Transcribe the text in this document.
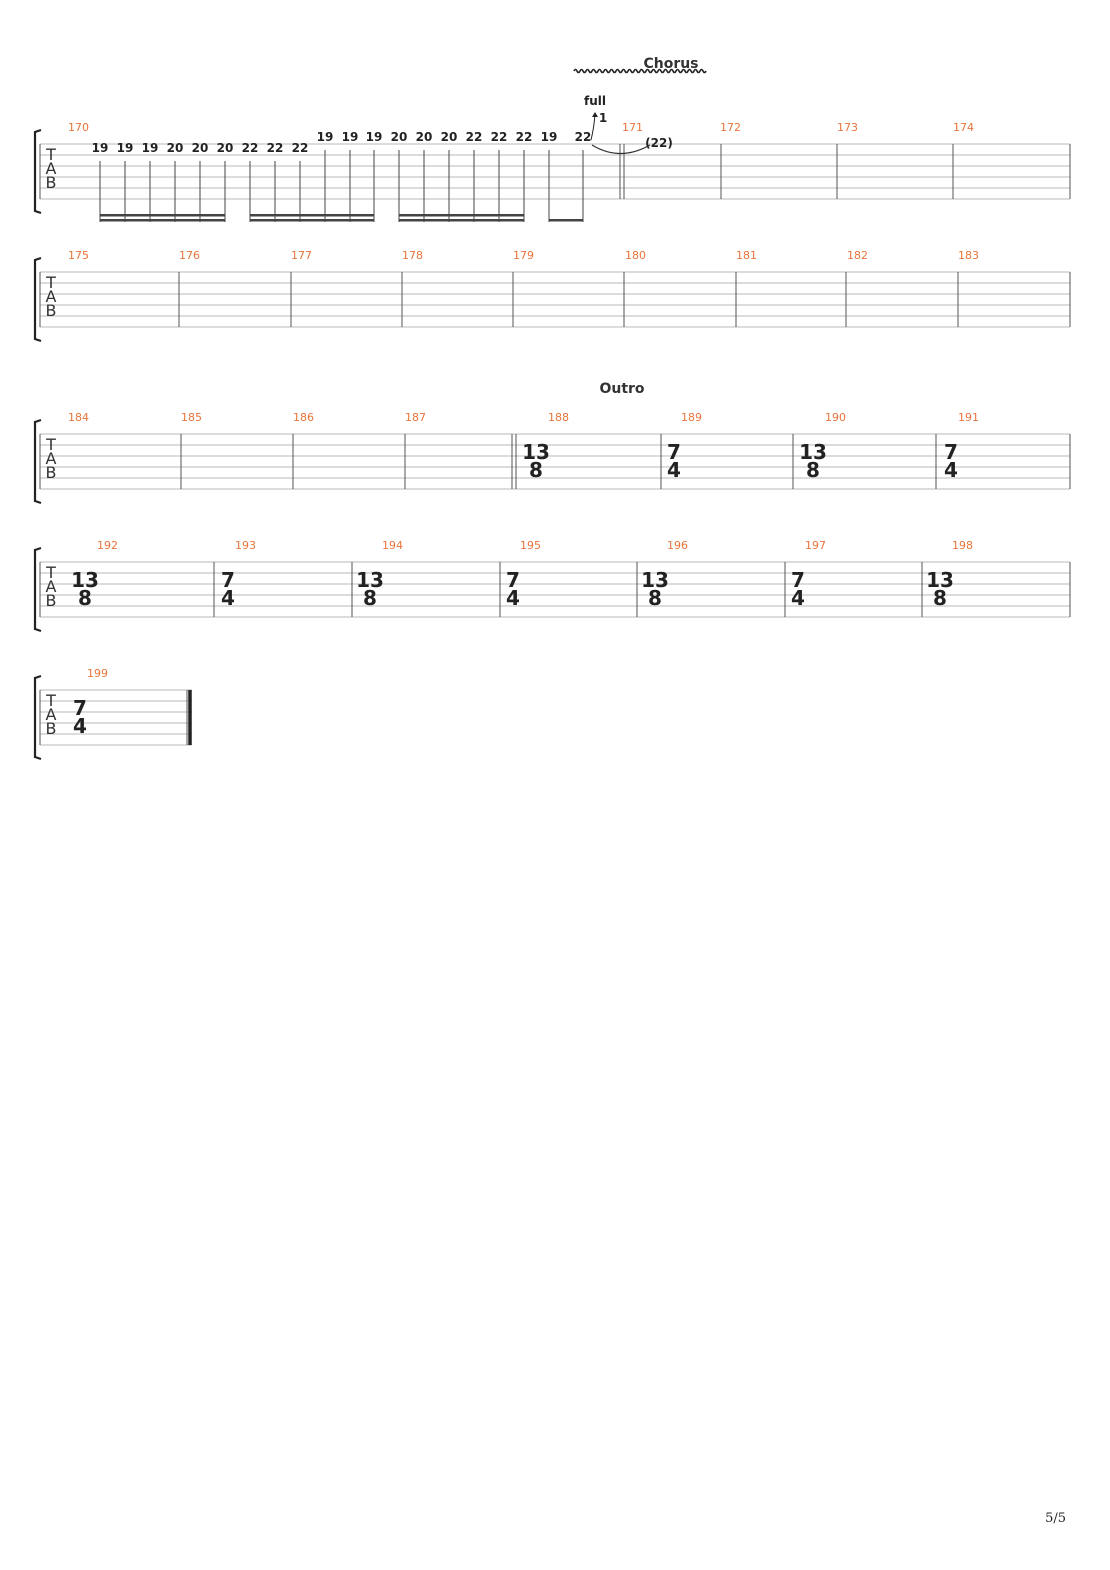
T
A
B
170	171	172	173	174
T
A
B
175	176	177	178	179	180	181	182	183
T
A
B
184	185	186	187	188
13
8
189
7
4
190
13
8
191
7
4
Outro
T
A
B
192
13
8
193
7
4
194
13
8
195
7
4
196
13
8
197
7
4
198
13
8
T
A
B
199
7
4
19 19 19 20 20 20 22 22 22
19 19 19 20 20 20 22 22 22 19 22
full
1
(22)
Chorus
5/5
